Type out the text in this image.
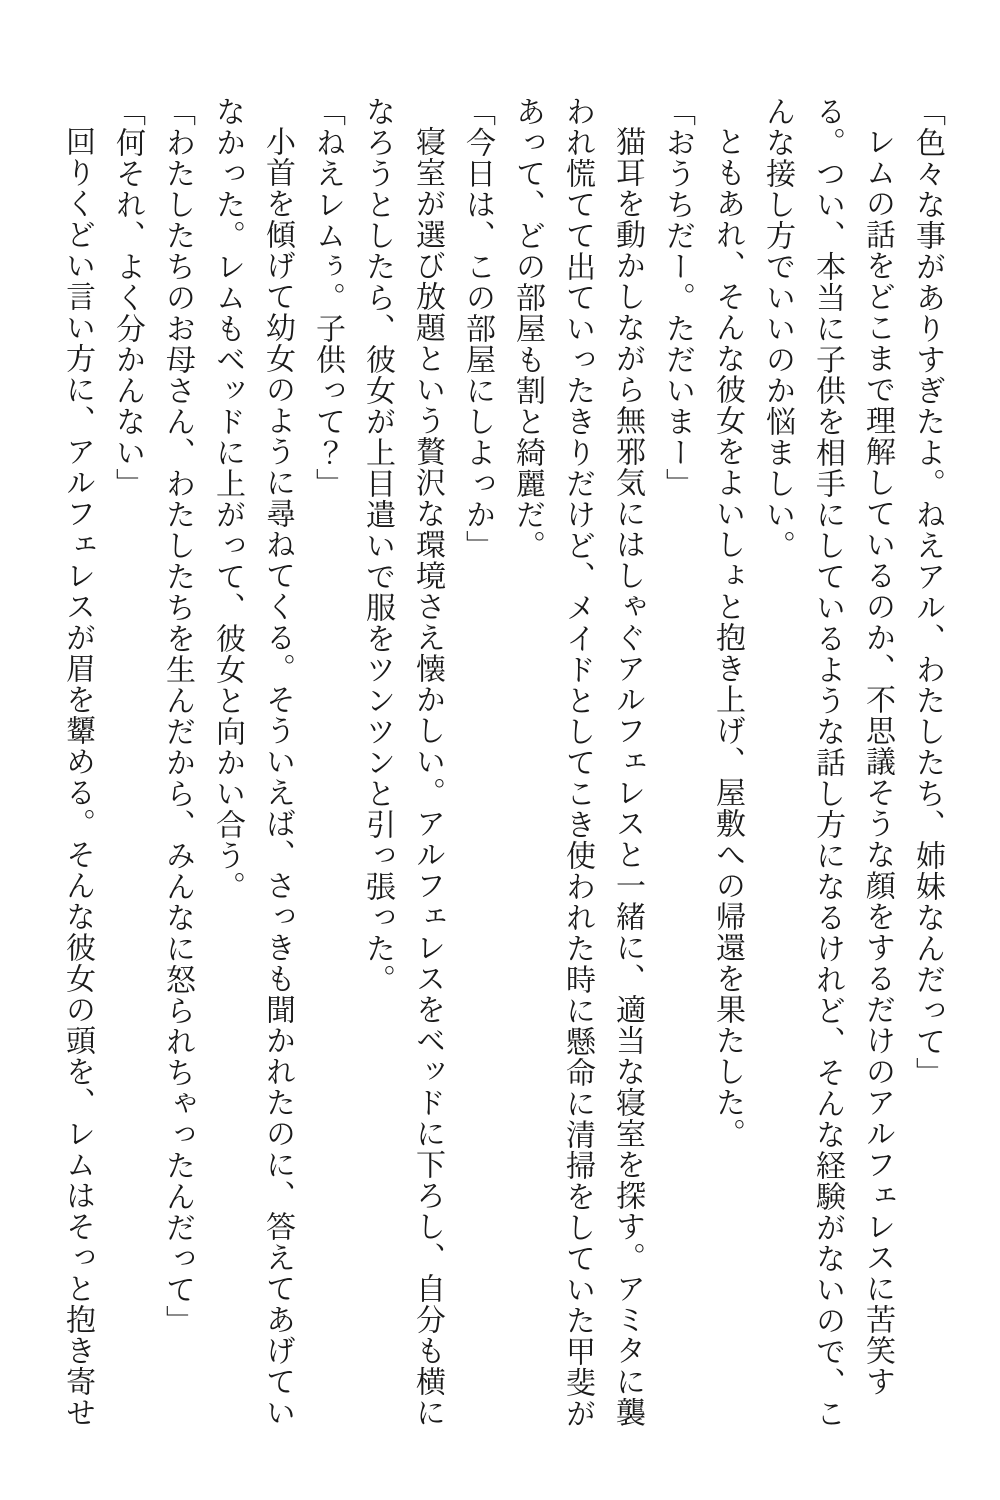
「色々な事がありすぎたよ。ねえアル、わたしたち、姉妹なんだって」

レムの話をどこまで理解しているのか、不思議そうな顔をするだけのアルフェレスに苦笑す

る。つい、本当に子供を相手にしているような話し方になるけれど、そんな経験がないので、こ

んな接し方でいいのか悩ましい。

ともあれ、そんな彼女をよいしょと抱き上げ、屋敷への帰還を果たした。

「おうちだー。ただいまー」

猫耳を動かしながら無邪気にはしゃぐアルフェレスと一緒に、適当な寝室を探す。アミタに襲

われ慌てて出ていったきりだけど、メイドとしてこき使われた時に懸命に清掃をしていた甲斐が

あって、どの部屋も割と綺麗だ。

「今日は、この部屋にしよっか」

寝室が選び放題という贅沢な環境さえ懐かしい。アルフェレスをベッドに下ろし、自分も横に

なろうとしたら、彼女が上目遣いで服をツンツンと引っ張った。

「ねえレムぅ。子供って？」

小首を傾げて幼女のように尋ねてくる。そういえば、さっきも聞かれたのに、答えてあげてい

なかった。レムもベッドに上がって、彼女と向かい合う。

「わたしたちのお母さん、わたしたちを生んだから、みんなに怒られちゃったんだって」

「何それ、よく分かんない」

回りくどい言い方に、アルフェレスが眉を顰める。そんな彼女の頭を、レムはそっと抱き寄せ
